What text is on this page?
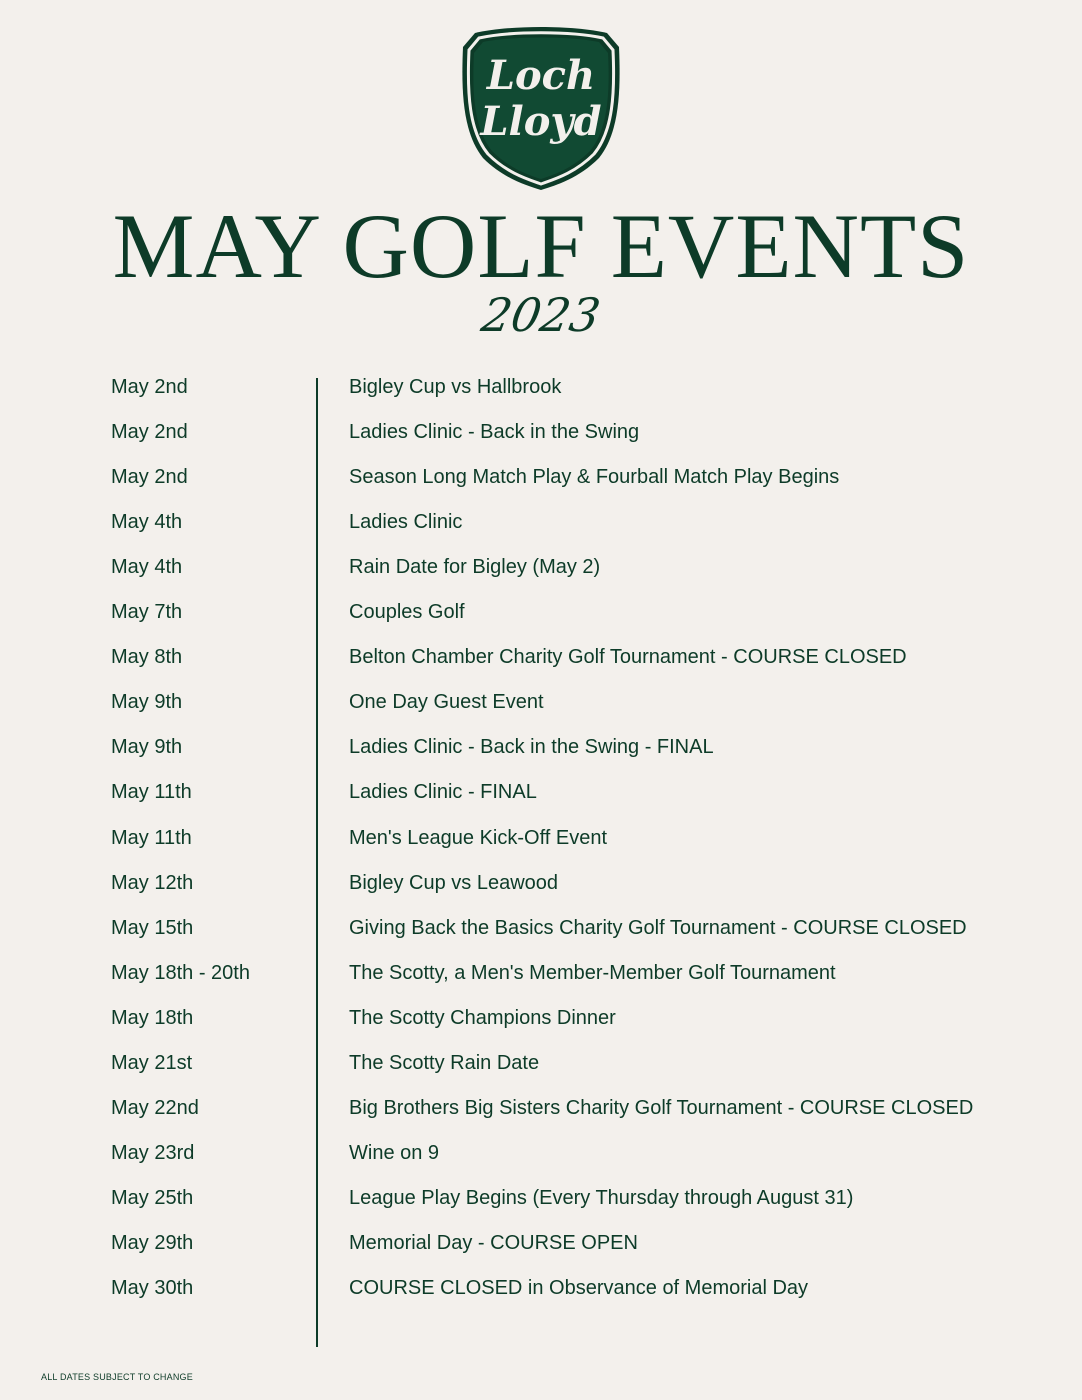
Loch
Lloyd
MAY GOLF EVENTS
2023
May 2nd	Bigley Cup vs Hallbrook
May 2nd	Ladies Clinic - Back in the Swing
May 2nd	Season Long Match Play & Fourball Match Play Begins
May 4th	Ladies Clinic
May 4th	Rain Date for Bigley (May 2)
May 7th	Couples Golf
May 8th	Belton Chamber Charity Golf Tournament - COURSE CLOSED
May 9th	One Day Guest Event
May 9th	Ladies Clinic - Back in the Swing - FINAL
May 11th	Ladies Clinic - FINAL
May 11th	Men's League Kick-Off Event
May 12th	Bigley Cup vs Leawood
May 15th	Giving Back the Basics Charity Golf Tournament - COURSE CLOSED
May 18th - 20th	The Scotty, a Men's Member-Member Golf Tournament
May 18th	The Scotty Champions Dinner
May 21st	The Scotty Rain Date
May 22nd	Big Brothers Big Sisters Charity Golf Tournament - COURSE CLOSED
May 23rd	Wine on 9
May 25th	League Play Begins (Every Thursday through August 31)
May 29th	Memorial Day - COURSE OPEN
May 30th	COURSE CLOSED in Observance of Memorial Day
ALL DATES SUBJECT TO CHANGE
